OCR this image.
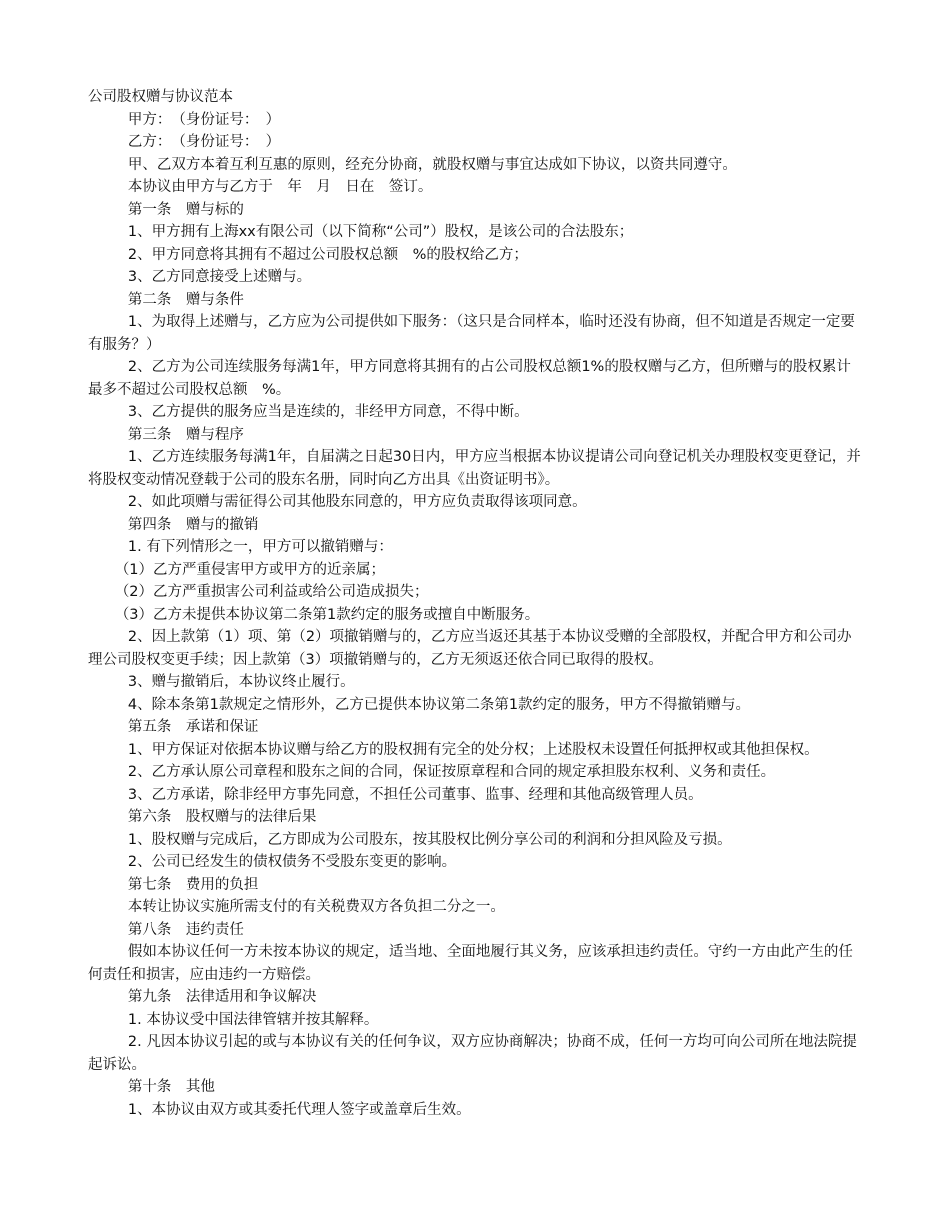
公司股权赠与协议范本

甲方：　（身份证号：　）

乙方：　（身份证号：　）

甲、乙双方本着互利互惠的原则，经充分协商，就股权赠与事宜达成如下协议，以资共同遵守。

本协议由甲方与乙方于　年　月　日在　签订。

第一条　赠与标的

1、甲方拥有上海xx有限公司（以下简称“公司”）股权，是该公司的合法股东；

2、甲方同意将其拥有不超过公司股权总额　%的股权给乙方；

3、乙方同意接受上述赠与。

第二条　赠与条件

1、为取得上述赠与，乙方应为公司提供如下服务：（这只是合同样本，临时还没有协商，但不知道是否规定一定要有服务？）

2、乙方为公司连续服务每满1年，甲方同意将其拥有的占公司股权总额1%的股权赠与乙方，但所赠与的股权累计最多不超过公司股权总额　%。

3、乙方提供的服务应当是连续的，非经甲方同意，不得中断。

第三条　赠与程序

1、乙方连续服务每满1年，自届满之日起30日内，甲方应当根据本协议提请公司向登记机关办理股权变更登记，并将股权变动情况登载于公司的股东名册，同时向乙方出具《出资证明书》。

2、如此项赠与需征得公司其他股东同意的，甲方应负责取得该项同意。

第四条　赠与的撤销

1. 有下列情形之一，甲方可以撤销赠与：

（1）乙方严重侵害甲方或甲方的近亲属；

（2）乙方严重损害公司利益或给公司造成损失；

（3）乙方未提供本协议第二条第1款约定的服务或擅自中断服务。

2、因上款第（1）项、第（2）项撤销赠与的，乙方应当返还其基于本协议受赠的全部股权，并配合甲方和公司办理公司股权变更手续；因上款第（3）项撤销赠与的，乙方无须返还依合同已取得的股权。

3、赠与撤销后，本协议终止履行。

4、除本条第1款规定之情形外，乙方已提供本协议第二条第1款约定的服务，甲方不得撤销赠与。

第五条　承诺和保证

1、甲方保证对依据本协议赠与给乙方的股权拥有完全的处分权；上述股权未设置任何抵押权或其他担保权。

2、乙方承认原公司章程和股东之间的合同，保证按原章程和合同的规定承担股东权利、义务和责任。

3、乙方承诺，除非经甲方事先同意，不担任公司董事、监事、经理和其他高级管理人员。

第六条　股权赠与的法律后果

1、股权赠与完成后，乙方即成为公司股东，按其股权比例分享公司的利润和分担风险及亏损。

2、公司已经发生的债权债务不受股东变更的影响。

第七条　费用的负担

本转让协议实施所需支付的有关税费双方各负担二分之一。

第八条　违约责任

假如本协议任何一方未按本协议的规定，适当地、全面地履行其义务，应该承担违约责任。守约一方由此产生的任何责任和损害，应由违约一方赔偿。

第九条　法律适用和争议解决

1. 本协议受中国法律管辖并按其解释。

2. 凡因本协议引起的或与本协议有关的任何争议，双方应协商解决；协商不成，任何一方均可向公司所在地法院提起诉讼。

第十条　其他

1、本协议由双方或其委托代理人签字或盖章后生效。
